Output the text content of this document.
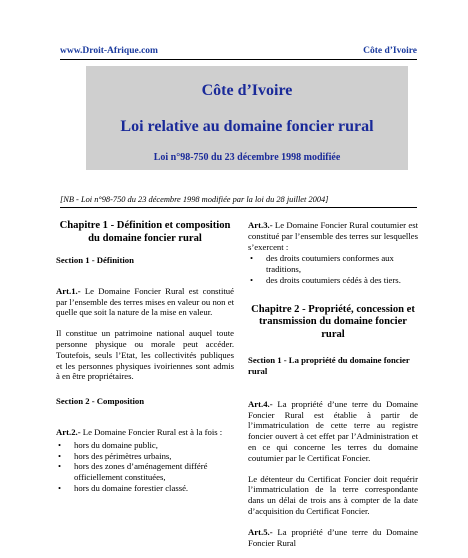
www.Droit-Afrique.com	Côte d’Ivoire
Côte d’Ivoire
Loi relative au domaine foncier rural
Loi n°98-750 du 23 décembre 1998 modifiée
[NB - Loi n°98-750 du 23 décembre 1998 modifiée par la loi du 28 juillet 2004]
Chapitre 1 - Définition et composition
du domaine foncier rural
Section 1 - Définition
Art.1.- Le Domaine Foncier Rural est constitué par l’ensemble des terres mises en valeur ou non et quelle que soit la nature de la mise en valeur.
Il constitue un patrimoine national auquel toute personne physique ou morale peut accéder. Toutefois, seuls l’Etat, les collectivités publiques et les personnes physiques ivoiriennes sont admis à en être propriétaires.
Section 2 - Composition
Art.2.- Le Domaine Foncier Rural est à la fois :
• hors du domaine public,
• hors des périmètres urbains,
• hors des zones d’aménagement différé officiellement constituées,
• hors du domaine forestier classé.
Art.3.- Le Domaine Foncier Rural coutumier est constitué par l’ensemble des terres sur lesquelles s’exercent :
• des droits coutumiers conformes aux traditions,
• des droits coutumiers cédés à des tiers.
Chapitre 2 - Propriété, concession et
transmission du domaine foncier rural
Section 1 - La propriété du domaine foncier rural
Art.4.- La propriété d’une terre du Domaine Foncier Rural est établie à partir de l’immatriculation de cette terre au registre foncier ouvert à cet effet par l’Administration et en ce qui concerne les terres du domaine coutumier par le Certificat Foncier.
Le détenteur du Certificat Foncier doit requérir l’immatriculation de la terre correspondante dans un délai de trois ans à compter de la date d’acquisition du Certificat Foncier.
Art.5.- La propriété d’une terre du Domaine Foncier Rural
